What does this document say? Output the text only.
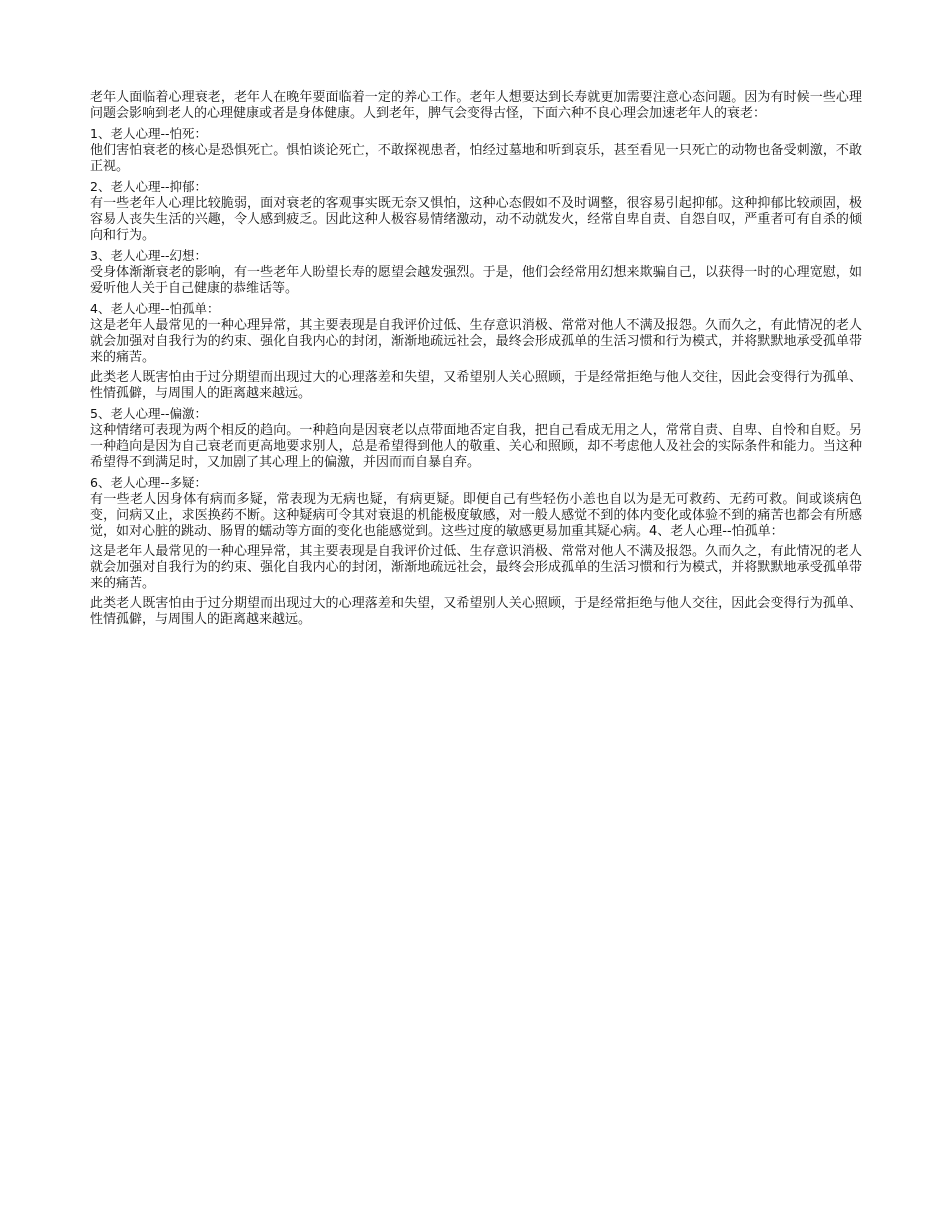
老年人面临着心理衰老，老年人在晚年要面临着一定的养心工作。老年人想要达到长寿就更加需要注意心态问题。因为有时候一些心理问题会影响到老人的心理健康或者是身体健康。人到老年，脾气会变得古怪，下面六种不良心理会加速老年人的衰老：

1、老人心理--怕死：

他们害怕衰老的核心是恐惧死亡。惧怕谈论死亡，不敢探视患者，怕经过墓地和听到哀乐，甚至看见一只死亡的动物也备受刺激，不敢正视。

2、老人心理--抑郁：

有一些老年人心理比较脆弱，面对衰老的客观事实既无奈又惧怕，这种心态假如不及时调整，很容易引起抑郁。这种抑郁比较顽固，极容易人丧失生活的兴趣，令人感到疲乏。因此这种人极容易情绪激动，动不动就发火，经常自卑自责、自怨自叹，严重者可有自杀的倾向和行为。

3、老人心理--幻想：

受身体渐渐衰老的影响，有一些老年人盼望长寿的愿望会越发强烈。于是，他们会经常用幻想来欺骗自己，以获得一时的心理宽慰，如爱听他人关于自己健康的恭维话等。

4、老人心理--怕孤单：

这是老年人最常见的一种心理异常，其主要表现是自我评价过低、生存意识消极、常常对他人不满及报怨。久而久之，有此情况的老人就会加强对自我行为的约束、强化自我内心的封闭，渐渐地疏远社会，最终会形成孤单的生活习惯和行为模式，并将默默地承受孤单带来的痛苦。

此类老人既害怕由于过分期望而出现过大的心理落差和失望，又希望别人关心照顾，于是经常拒绝与他人交往，因此会变得行为孤单、性情孤僻，与周围人的距离越来越远。

5、老人心理--偏激：

这种情绪可表现为两个相反的趋向。一种趋向是因衰老以点带面地否定自我，把自己看成无用之人，常常自责、自卑、自怜和自贬。另一种趋向是因为自己衰老而更高地要求别人，总是希望得到他人的敬重、关心和照顾，却不考虑他人及社会的实际条件和能力。当这种希望得不到满足时，又加剧了其心理上的偏激，并因而而自暴自弃。

6、老人心理--多疑：

有一些老人因身体有病而多疑，常表现为无病也疑，有病更疑。即便自己有些轻伤小恙也自以为是无可救药、无药可救。间或谈病色变，问病又止，求医换药不断。这种疑病可令其对衰退的机能极度敏感，对一般人感觉不到的体内变化或体验不到的痛苦也都会有所感觉，如对心脏的跳动、肠胃的蠕动等方面的变化也能感觉到。这些过度的敏感更易加重其疑心病。4、老人心理--怕孤单：

这是老年人最常见的一种心理异常，其主要表现是自我评价过低、生存意识消极、常常对他人不满及报怨。久而久之，有此情况的老人就会加强对自我行为的约束、强化自我内心的封闭，渐渐地疏远社会，最终会形成孤单的生活习惯和行为模式，并将默默地承受孤单带来的痛苦。

此类老人既害怕由于过分期望而出现过大的心理落差和失望，又希望别人关心照顾，于是经常拒绝与他人交往，因此会变得行为孤单、性情孤僻，与周围人的距离越来越远。
